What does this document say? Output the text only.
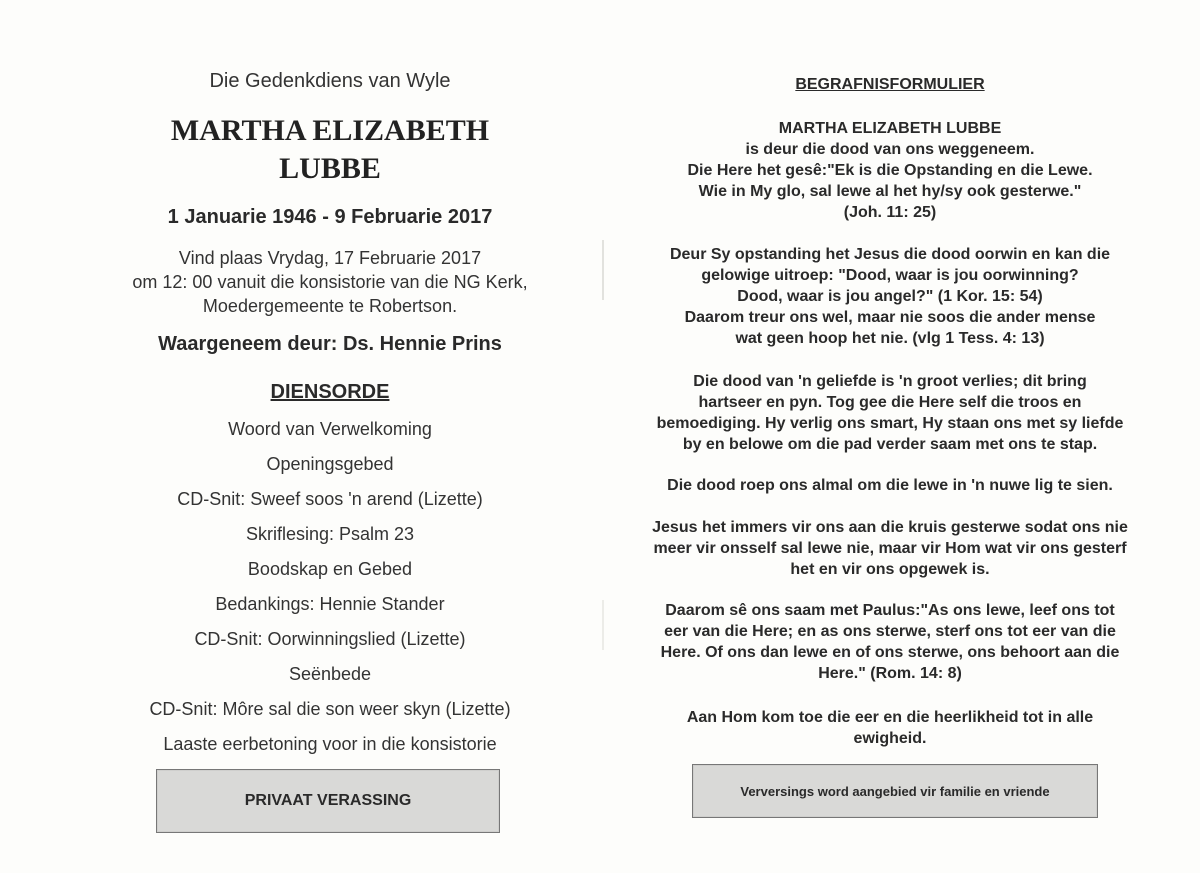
Die Gedenkdiens van Wyle
MARTHA ELIZABETH
LUBBE
1 Januarie 1946 - 9 Februarie 2017
Vind plaas Vrydag, 17 Februarie 2017
om 12: 00 vanuit die konsistorie van die NG Kerk,
Moedergemeente te Robertson.
Waargeneem deur: Ds. Hennie Prins
DIENSORDE
Woord van Verwelkoming
Openingsgebed
CD-Snit: Sweef soos 'n arend (Lizette)
Skriflesing: Psalm 23
Boodskap en Gebed
Bedankings: Hennie Stander
CD-Snit: Oorwinningslied (Lizette)
Seënbede
CD-Snit: Môre sal die son weer skyn (Lizette)
Laaste eerbetoning voor in die konsistorie
PRIVAAT VERASSING
BEGRAFNISFORMULIER

MARTHA ELIZABETH LUBBE
is deur die dood van ons weggeneem.
Die Here het gesê:"Ek is die Opstanding en die Lewe.
Wie in My glo, sal lewe al het hy/sy ook gesterwe."
(Joh. 11: 25)

Deur Sy opstanding het Jesus die dood oorwin en kan die
gelowige uitroep: "Dood, waar is jou oorwinning?
Dood, waar is jou angel?" (1 Kor. 15: 54)
Daarom treur ons wel, maar nie soos die ander mense
wat geen hoop het nie. (vlg 1 Tess. 4: 13)

Die dood van 'n geliefde is 'n groot verlies; dit bring
hartseer en pyn. Tog gee die Here self die troos en
bemoediging. Hy verlig ons smart, Hy staan ons met sy liefde
by en belowe om die pad verder saam met ons te stap.

Die dood roep ons almal om die lewe in 'n nuwe lig te sien.

Jesus het immers vir ons aan die kruis gesterwe sodat ons nie
meer vir onsself sal lewe nie, maar vir Hom wat vir ons gesterf
het en vir ons opgewek is.

Daarom sê ons saam met Paulus:"As ons lewe, leef ons tot
eer van die Here; en as ons sterwe, sterf ons tot eer van die
Here. Of ons dan lewe en of ons sterwe, ons behoort aan die
Here." (Rom. 14: 8)

Aan Hom kom toe die eer en die heerlikheid tot in alle
ewigheid.

Verversings word aangebied vir familie en vriende
